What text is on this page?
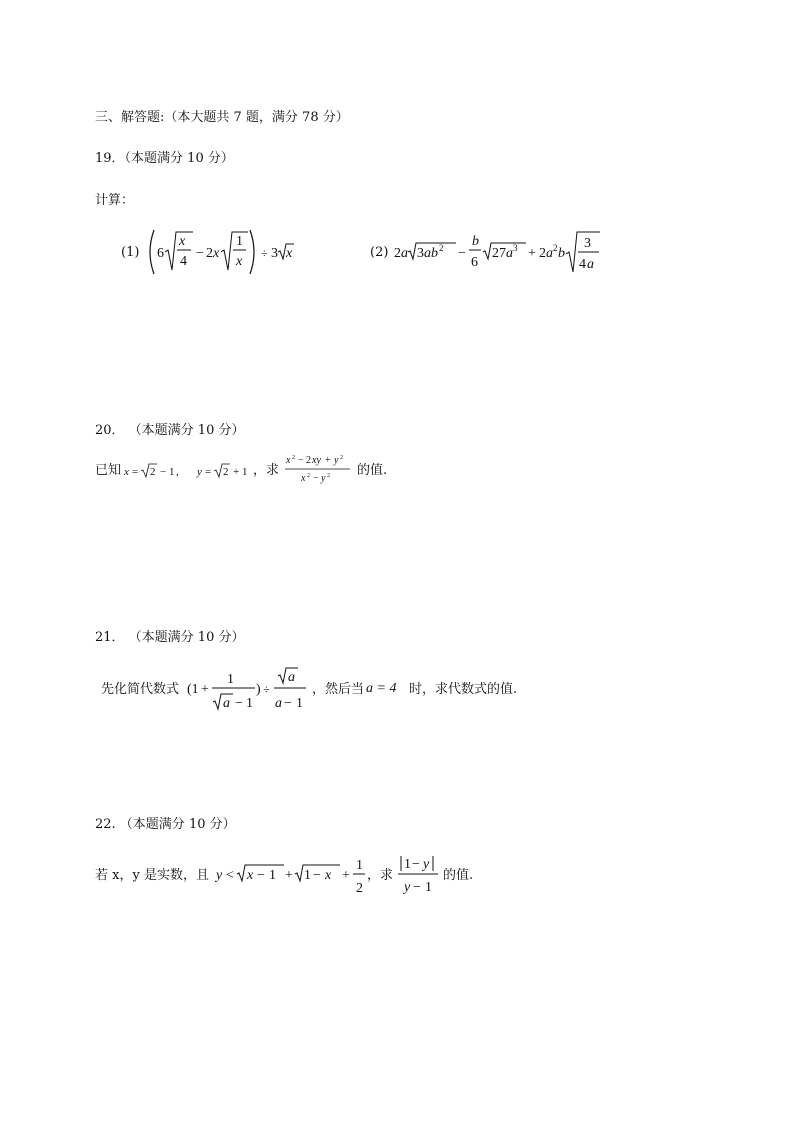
三、解答题:（本大题共 7 题，满分 78 分）
19．（本题满分 10 分）
计算：
(1) 6
x
4
− 2 x
1
x
÷ 3 x	(2) 2 a 3 ab 2 −
b
6
27 a 3 + 2 a 2 b
3
4 a
20． （本题满分 10 分）
已知 x = 2 − 1 , y = 2 + 1 ，求
x 2 − 2 xy + y 2
x 2 − y 2 的值.
21． （本题满分 10 分）
先化简代数式 (1 +
1
a − 1
) ÷
a
a − 1
，然后当 a = 4 时，求代数式的值.
22. （本题满分 10 分）
若 x，y 是实数，且 y < x − 1 + 1 − x +
1
2
，求
1 − y
y − 1
的值.
